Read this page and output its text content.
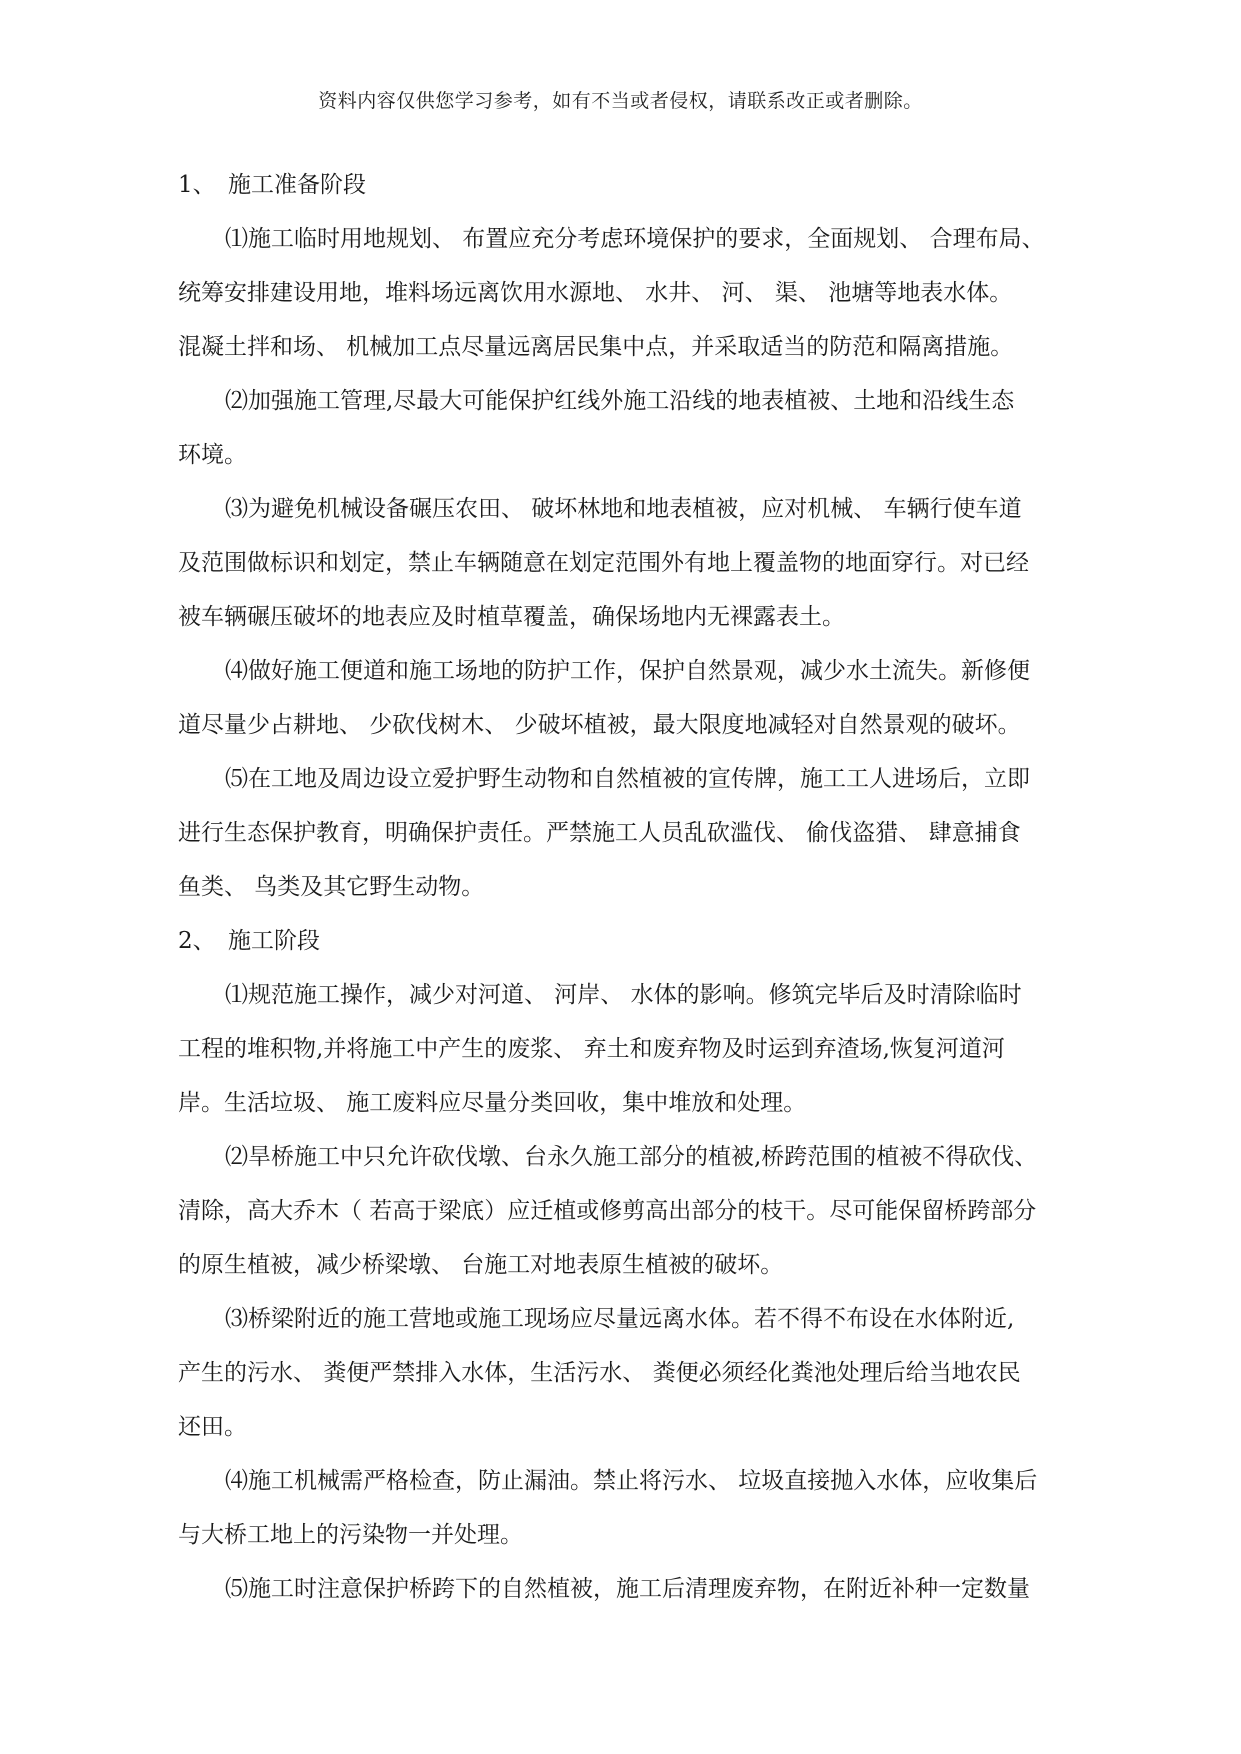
资料内容仅供您学习参考，如有不当或者侵权，请联系改正或者删除。
1、 施工准备阶段
⑴施工临时用地规划、 布置应充分考虑环境保护的要求，全面规划、 合理布局、
统筹安排建设用地，堆料场远离饮用水源地、 水井、 河、 渠、 池塘等地表水体。
混凝土拌和场、 机械加工点尽量远离居民集中点，并采取适当的防范和隔离措施。
⑵加强施工管理,尽最大可能保护红线外施工沿线的地表植被、土地和沿线生态
环境。
⑶为避免机械设备碾压农田、 破坏林地和地表植被，应对机械、 车辆行使车道
及范围做标识和划定，禁止车辆随意在划定范围外有地上覆盖物的地面穿行。对已经
被车辆碾压破坏的地表应及时植草覆盖，确保场地内无裸露表土。
⑷做好施工便道和施工场地的防护工作，保护自然景观，减少水土流失。新修便
道尽量少占耕地、 少砍伐树木、 少破坏植被，最大限度地减轻对自然景观的破坏。
⑸在工地及周边设立爱护野生动物和自然植被的宣传牌，施工工人进场后，立即
进行生态保护教育，明确保护责任。严禁施工人员乱砍滥伐、 偷伐盗猎、 肆意捕食
鱼类、 鸟类及其它野生动物。
2、 施工阶段
⑴规范施工操作，减少对河道、 河岸、 水体的影响。修筑完毕后及时清除临时
工程的堆积物,并将施工中产生的废浆、 弃土和废弃物及时运到弃渣场,恢复河道河
岸。生活垃圾、 施工废料应尽量分类回收，集中堆放和处理。
⑵旱桥施工中只允许砍伐墩、台永久施工部分的植被,桥跨范围的植被不得砍伐、
清除，高大乔木（ 若高于梁底）应迁植或修剪高出部分的枝干。尽可能保留桥跨部分
的原生植被，减少桥梁墩、 台施工对地表原生植被的破坏。
⑶桥梁附近的施工营地或施工现场应尽量远离水体。若不得不布设在水体附近,
产生的污水、 粪便严禁排入水体，生活污水、 粪便必须经化粪池处理后给当地农民
还田。
⑷施工机械需严格检查，防止漏油。禁止将污水、 垃圾直接抛入水体，应收集后
与大桥工地上的污染物一并处理。
⑸施工时注意保护桥跨下的自然植被，施工后清理废弃物，在附近补种一定数量
